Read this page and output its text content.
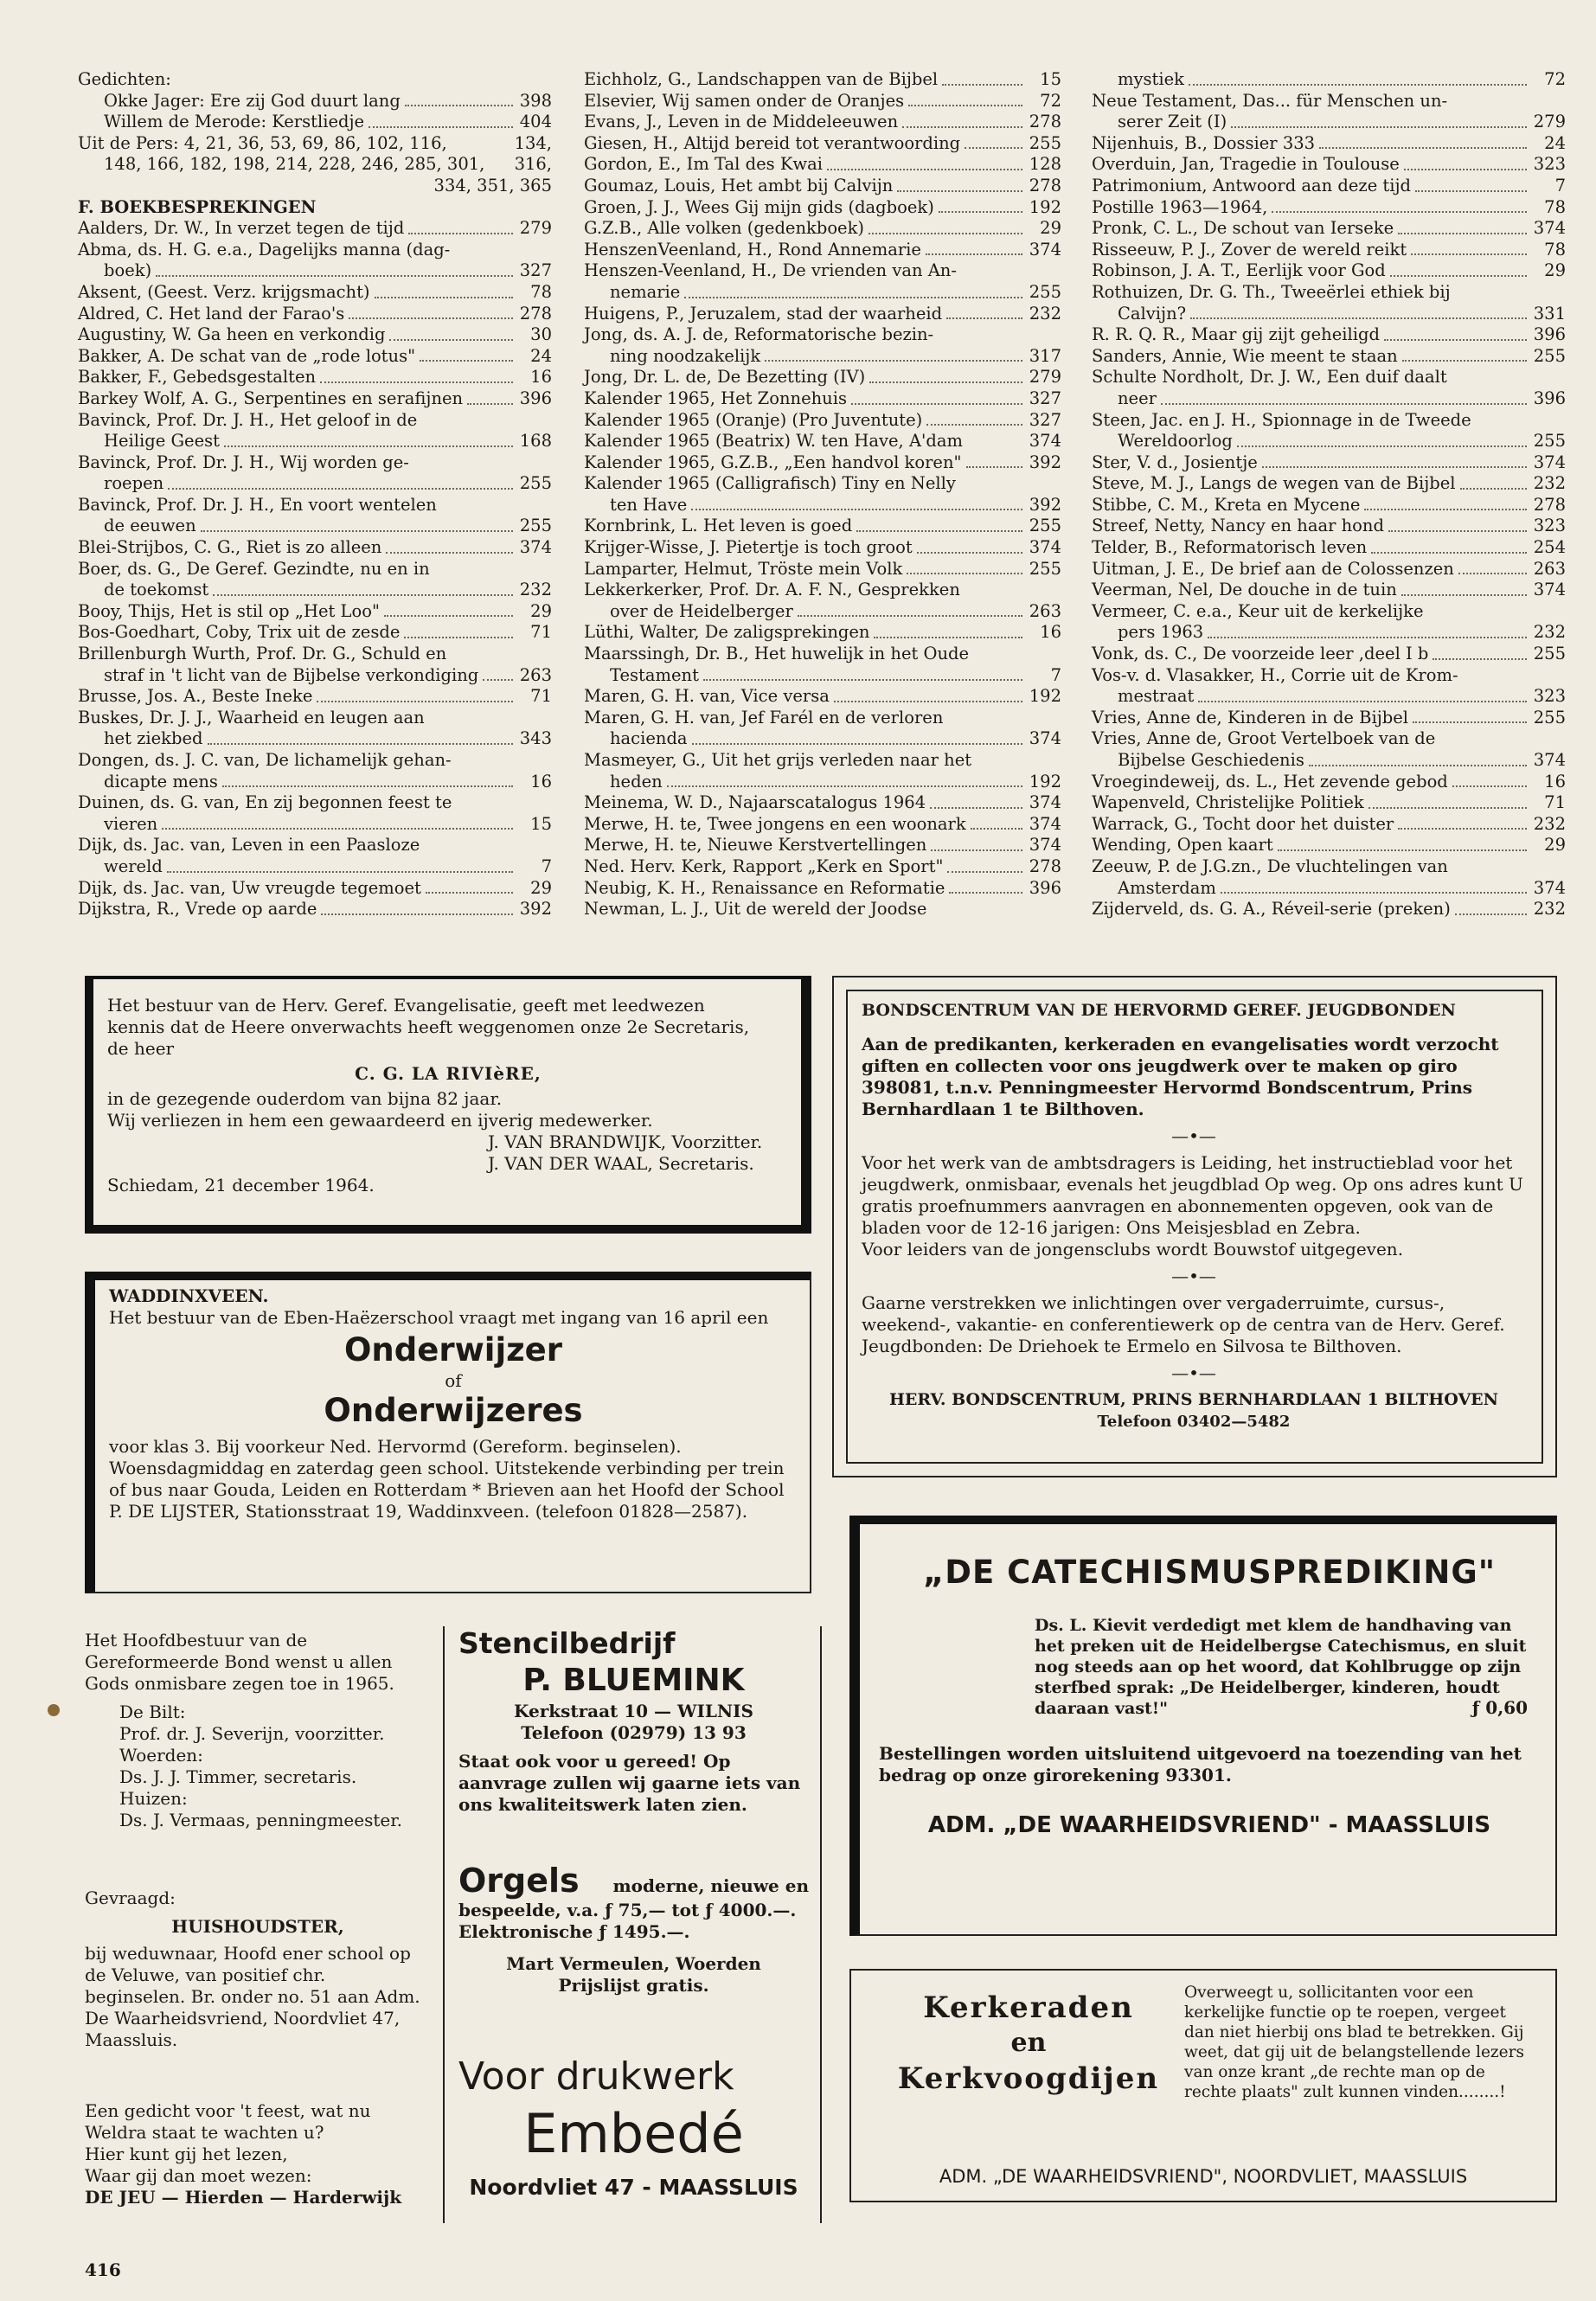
Gedichten:
Okke Jager: Ere zij God duurt lang	398
Willem de Merode: Kerstliedje	404
Uit de Pers: 4, 21, 36, 53, 69, 86, 102, 116,	134,
148, 166, 182, 198, 214, 228, 246, 285, 301, 316,
334, 351, 365
F. BOEKBESPREKINGEN
Aalders, Dr. W., In verzet tegen de tijd	279
Abma, ds. H. G. e.a., Dagelijks manna (dag-
boek)	327
Aksent, (Geest. Verz. krijgsmacht)	78
Aldred, C. Het land der Farao's	278
Augustiny, W. Ga heen en verkondig	30
Bakker, A. De schat van de „rode lotus"	24
Bakker, F., Gebedsgestalten	16
Barkey Wolf, A. G., Serpentines en serafijnen	396
Bavinck, Prof. Dr. J. H., Het geloof in de
Heilige Geest	168
Bavinck, Prof. Dr. J. H., Wij worden ge-
roepen	255
Bavinck, Prof. Dr. J. H., En voort wentelen
de eeuwen	255
Blei-Strijbos, C. G., Riet is zo alleen	374
Boer, ds. G., De Geref. Gezindte, nu en in
de toekomst	232
Booy, Thijs, Het is stil op „Het Loo"	29
Bos-Goedhart, Coby, Trix uit de zesde	71
Brillenburgh Wurth, Prof. Dr. G., Schuld en
straf in 't licht van de Bijbelse verkondiging 263
Brusse, Jos. A., Beste Ineke	71
Buskes, Dr. J. J., Waarheid en leugen aan
het ziekbed	343
Dongen, ds. J. C. van, De lichamelijk gehan-
dicapte mens	16
Duinen, ds. G. van, En zij begonnen feest te
vieren	15
Dijk, ds. Jac. van, Leven in een Paasloze
wereld	7
Dijk, ds. Jac. van, Uw vreugde tegemoet	29
Dijkstra, R., Vrede op aarde	392
Eichholz, G., Landschappen van de Bijbel	15
Elsevier, Wij samen onder de Oranjes	72
Evans, J., Leven in de Middeleeuwen	278
Giesen, H., Altijd bereid tot verantwoording	255
Gordon, E., Im Tal des Kwai	128
Goumaz, Louis, Het ambt bij Calvijn	278
Groen, J. J., Wees Gij mijn gids (dagboek)	192
G.Z.B., Alle volken (gedenkboek)	29
HenszenVeenland, H., Rond Annemarie	374
Henszen-Veenland, H., De vrienden van An-
nemarie	255
Huigens, P., Jeruzalem, stad der waarheid	232
Jong, ds. A. J. de, Reformatorische bezin-
ning noodzakelijk	317
Jong, Dr. L. de, De Bezetting (IV)	279
Kalender 1965, Het Zonnehuis	327
Kalender 1965 (Oranje) (Pro Juventute)	327
Kalender 1965 (Beatrix) W. ten Have, A'dam	374
Kalender 1965, G.Z.B., „Een handvol koren"	392
Kalender 1965 (Calligrafisch) Tiny en Nelly
ten Have	392
Kornbrink, L. Het leven is goed	255
Krijger-Wisse, J. Pietertje is toch groot	374
Lamparter, Helmut, Tröste mein Volk	255
Lekkerkerker, Prof. Dr. A. F. N., Gesprekken
over de Heidelberger	263
Lüthi, Walter, De zaligsprekingen	16
Maarssingh, Dr. B., Het huwelijk in het Oude
Testament	7
Maren, G. H. van, Vice versa	192
Maren, G. H. van, Jef Farél en de verloren
hacienda	374
Masmeyer, G., Uit het grijs verleden naar het
heden	192
Meinema, W. D., Najaarscatalogus 1964	374
Merwe, H. te, Twee jongens en een woonark	374
Merwe, H. te, Nieuwe Kerstvertellingen	374
Ned. Herv. Kerk, Rapport „Kerk en Sport"	278
Neubig, K. H., Renaissance en Reformatie	396
Newman, L. J., Uit de wereld der Joodse
mystiek	72
Neue Testament, Das... für Menschen un-
serer Zeit (I)	279
Nijenhuis, B., Dossier 333	24
Overduin, Jan, Tragedie in Toulouse	323
Patrimonium, Antwoord aan deze tijd	7
Postille 1963—1964,	78
Pronk, C. L., De schout van Ierseke	374
Risseeuw, P. J., Zover de wereld reikt	78
Robinson, J. A. T., Eerlijk voor God	29
Rothuizen, Dr. G. Th., Tweeërlei ethiek bij
Calvijn?	331
R. R. Q. R., Maar gij zijt geheiligd	396
Sanders, Annie, Wie meent te staan	255
Schulte Nordholt, Dr. J. W., Een duif daalt
neer	396
Steen, Jac. en J. H., Spionnage in de Tweede
Wereldoorlog	255
Ster, V. d., Josientje	374
Steve, M. J., Langs de wegen van de Bijbel	232
Stibbe, C. M., Kreta en Mycene	278
Streef, Netty, Nancy en haar hond	323
Telder, B., Reformatorisch leven	254
Uitman, J. E., De brief aan de Colossenzen	263
Veerman, Nel, De douche in de tuin	374
Vermeer, C. e.a., Keur uit de kerkelijke
pers 1963	232
Vonk, ds. C., De voorzeide leer ,deel I b	255
Vos-v. d. Vlasakker, H., Corrie uit de Krom-
mestraat	323
Vries, Anne de, Kinderen in de Bijbel	255
Vries, Anne de, Groot Vertelboek van de
Bijbelse Geschiedenis	374
Vroegindeweij, ds. L., Het zevende gebod	16
Wapenveld, Christelijke Politiek	71
Warrack, G., Tocht door het duister	232
Wending, Open kaart	29
Zeeuw, P. de J.G.zn., De vluchtelingen van
Amsterdam	374
Zijderveld, ds. G. A., Réveil-serie (preken)	232

Het bestuur van de Herv. Geref. Evangelisatie, geeft met leedwezen

kennis dat de Heere onverwachts heeft weggenomen onze 2e Secretaris,

de heer

C. G. LA RIVIèRE,

in de gezegende ouderdom van bijna 82 jaar.

Wij verliezen in hem een gewaardeerd en ijverig medewerker.

J. VAN BRANDWIJK, Voorzitter.

J. VAN DER WAAL, Secretaris.

Schiedam, 21 december 1964.

WADDINXVEEN.

Het bestuur van de Eben-Haëzerschool vraagt met ingang van 16 april een

Onderwijzer
of
Onderwijzeres

voor klas 3. Bij voorkeur Ned. Hervormd (Gereform. beginselen). Woensdagmiddag en zaterdag geen school. Uitstekende verbinding per trein of bus naar Gouda, Leiden en Rotterdam * Brieven aan het Hoofd der School P. DE LIJSTER, Stationsstraat 19, Waddinxveen. (telefoon 01828—2587).

BONDSCENTRUM VAN DE HERVORMD GEREF. JEUGDBONDEN

Aan de predikanten, kerkeraden en evangelisaties wordt verzocht giften en collecten voor ons jeugdwerk over te maken op giro 398081, t.n.v. Penningmeester Hervormd Bondscentrum, Prins Bernhardlaan 1 te Bilthoven.

—•—

Voor het werk van de ambtsdragers is Leiding, het instructieblad voor het jeugdwerk, onmisbaar, evenals het jeugdblad Op weg. Op ons adres kunt U gratis proefnummers aanvragen en abonnementen opgeven, ook van de bladen voor de 12-16 jarigen: Ons Meisjesblad en Zebra.

Voor leiders van de jongensclubs wordt Bouwstof uitgegeven.

—•—

Gaarne verstrekken we inlichtingen over vergaderruimte, cursus-, weekend-, vakantie- en conferentiewerk op de centra van de Herv. Geref. Jeugdbonden: De Driehoek te Ermelo en Silvosa te Bilthoven.

—•—

HERV. BONDSCENTRUM, PRINS BERNHARDLAAN 1 BILTHOVEN

Telefoon 03402—5482

„DE CATECHISMUSPREDIKING"

Ds. L. Kievit verdedigt met klem de handhaving van het preken uit de Heidelbergse Catechismus, en sluit nog steeds aan op het woord, dat Kohlbrugge op zijn sterfbed sprak: „De Heidelberger, kinderen, houdt daaraan vast!"	ƒ 0,60

Bestellingen worden uitsluitend uitgevoerd na toezending van het bedrag op onze girorekening 93301.

ADM. „DE WAARHEIDSVRIEND" - MAASSLUIS

Het Hoofdbestuur van de Gereformeerde Bond wenst u allen Gods onmisbare zegen toe in 1965.

De Bilt:

Prof. dr. J. Severijn, voorzitter.

Woerden:

Ds. J. J. Timmer, secretaris.

Huizen:

Ds. J. Vermaas, penningmeester.

Gevraagd:

HUISHOUDSTER,

bij weduwnaar, Hoofd ener school op de Veluwe, van positief chr. beginselen. Br. onder no. 51 aan Adm. De Waarheidsvriend, Noordvliet 47, Maassluis.

Een gedicht voor 't feest, wat nu

Weldra staat te wachten u?

Hier kunt gij het lezen,

Waar gij dan moet wezen:

DE JEU — Hierden — Harderwijk

Stencilbedrijf
P. BLUEMINK

Kerkstraat 10 — WILNIS

Telefoon (02979) 13 93

Staat ook voor u gereed! Op aanvrage zullen wij gaarne iets van ons kwaliteitswerk laten zien.

Orgels moderne, nieuwe en

bespeelde, v.a. ƒ 75,— tot ƒ 4000.—. Elektronische ƒ 1495.—.

Mart Vermeulen, Woerden

Prijslijst gratis.

Voor drukwerk
Embedé
Noordvliet 47 - MAASSLUIS
Kerkeraden
en
Kerkvoogdijen

Overweegt u, sollicitanten voor een kerkelijke functie op te roepen, vergeet dan niet hierbij ons blad te betrekken. Gij weet, dat gij uit de belangstellende lezers van onze krant „de rechte man op de rechte plaats" zult kunnen vinden........!

ADM. „DE WAARHEIDSVRIEND", NOORDVLIET, MAASSLUIS
416
